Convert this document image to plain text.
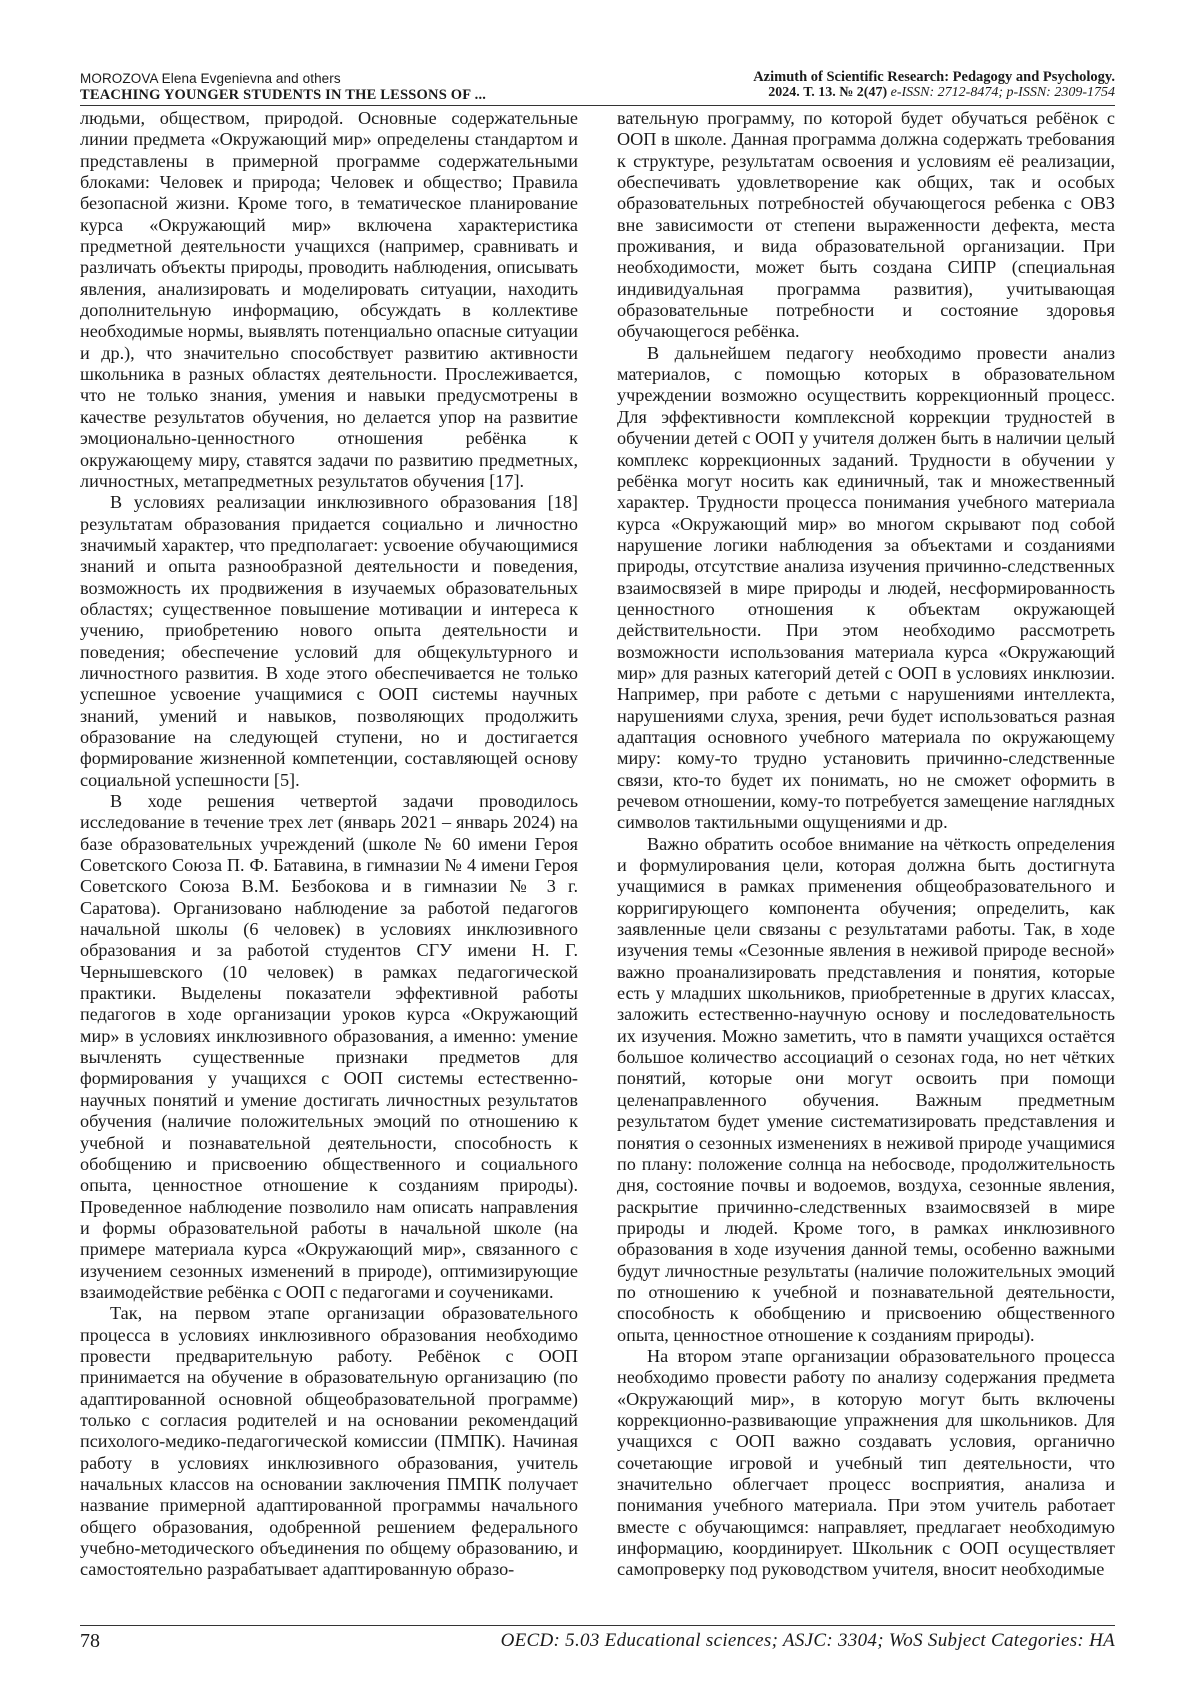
MOROZOVA Elena Evgenievna and others
TEACHING YOUNGER STUDENTS IN THE LESSONS OF ...
Azimuth of Scientific Research: Pedagogy and Psychology.
2024. Т. 13. № 2(47) e-ISSN: 2712-8474; p-ISSN: 2309-1754

людьми, обществом, природой. Основные содержательные линии предмета «Окружающий мир» определены стандартом и представлены в примерной программе содержательными блоками: Человек и природа; Человек и общество; Правила безопасной жизни. Кроме того, в тематическое планирование курса «Окружающий мир» включена характеристика предметной деятельности учащихся (например, сравнивать и различать объекты природы, проводить наблюдения, описывать явления, анализировать и моделировать ситуации, находить дополнительную информацию, обсуждать в коллективе необходимые нормы, выявлять потенциально опасные ситуации и др.), что значительно способствует развитию активности школьника в разных областях деятельности. Прослеживается, что не только знания, умения и навыки предусмотрены в качестве результатов обучения, но делается упор на развитие эмоционально-ценностного отношения ребёнка к окружающему миру, ставятся задачи по развитию предметных, личностных, метапредметных результатов обучения [17].

В условиях реализации инклюзивного образования [18] результатам образования придается социально и личностно значимый характер, что предполагает: усвоение обучающимися знаний и опыта разнообразной деятельности и поведения, возможность их продвижения в изучаемых образовательных областях; существенное повышение мотивации и интереса к учению, приобретению нового опыта деятельности и поведения; обеспечение условий для общекультурного и личностного развития. В ходе этого обеспечивается не только успешное усвоение учащимися с ООП системы научных знаний, умений и навыков, позволяющих продолжить образование на следующей ступени, но и достигается формирование жизненной компетенции, составляющей основу социальной успешности [5].

В ходе решения четвертой задачи проводилось исследование в течение трех лет (январь 2021 – январь 2024) на базе образовательных учреждений (школе № 60 имени Героя Советского Союза П. Ф. Батавина, в гимназии № 4 имени Героя Советского Союза В.М. Безбокова и в гимназии № 3 г. Саратова). Организовано наблюдение за работой педагогов начальной школы (6 человек) в условиях инклюзивного образования и за работой студентов СГУ имени Н. Г. Чернышевского (10 человек) в рамках педагогической практики. Выделены показатели эффективной работы педагогов в ходе организации уроков курса «Окружающий мир» в условиях инклюзивного образования, а именно: умение вычленять существенные признаки предметов для формирования у учащихся с ООП системы естественно-научных понятий и умение достигать личностных результатов обучения (наличие положительных эмоций по отношению к учебной и познавательной деятельности, способность к обобщению и присвоению общественного и социального опыта, ценностное отношение к созданиям природы). Проведенное наблюдение позволило нам описать направления и формы образовательной работы в начальной школе (на примере материала курса «Окружающий мир», связанного с изучением сезонных изменений в природе), оптимизирующие взаимодействие ребёнка с ООП с педагогами и соучениками.

Так, на первом этапе организации образовательного процесса в условиях инклюзивного образования необходимо провести предварительную работу. Ребёнок с ООП принимается на обучение в образовательную организацию (по адаптированной основной общеобразовательной программе) только с согласия родителей и на основании рекомендаций психолого-медико-педагогической комиссии (ПМПК). Начиная работу в условиях инклюзивного образования, учитель начальных классов на основании заключения ПМПК получает название примерной адаптированной программы начального общего образования, одобренной решением федерального учебно-методического объединения по общему образованию, и самостоятельно разрабатывает адаптированную образо-

вательную программу, по которой будет обучаться ребёнок с ООП в школе. Данная программа должна содержать требования к структуре, результатам освоения и условиям её реализации, обеспечивать удовлетворение как общих, так и особых образовательных потребностей обучающегося ребенка с ОВЗ вне зависимости от степени выраженности дефекта, места проживания, и вида образовательной организации. При необходимости, может быть создана СИПР (специальная индивидуальная программа развития), учитывающая образовательные потребности и состояние здоровья обучающегося ребёнка.

В дальнейшем педагогу необходимо провести анализ материалов, с помощью которых в образовательном учреждении возможно осуществить коррекционный процесс. Для эффективности комплексной коррекции трудностей в обучении детей с ООП у учителя должен быть в наличии целый комплекс коррекционных заданий. Трудности в обучении у ребёнка могут носить как единичный, так и множественный характер. Трудности процесса понимания учебного материала курса «Окружающий мир» во многом скрывают под собой нарушение логики наблюдения за объектами и созданиями природы, отсутствие анализа изучения причинно-следственных взаимосвязей в мире природы и людей, несформированность ценностного отношения к объектам окружающей действительности. При этом необходимо рассмотреть возможности использования материала курса «Окружающий мир» для разных категорий детей с ООП в условиях инклюзии. Например, при работе с детьми с нарушениями интеллекта, нарушениями слуха, зрения, речи будет использоваться разная адаптация основного учебного материала по окружающему миру: кому-то трудно установить причинно-следственные связи, кто-то будет их понимать, но не сможет оформить в речевом отношении, кому-то потребуется замещение наглядных символов тактильными ощущениями и др.

Важно обратить особое внимание на чёткость определения и формулирования цели, которая должна быть достигнута учащимися в рамках применения общеобразовательного и корригирующего компонента обучения; определить, как заявленные цели связаны с результатами работы. Так, в ходе изучения темы «Сезонные явления в неживой природе весной» важно проанализировать представления и понятия, которые есть у младших школьников, приобретенные в других классах, заложить естественно-научную основу и последовательность их изучения. Можно заметить, что в памяти учащихся остаётся большое количество ассоциаций о сезонах года, но нет чётких понятий, которые они могут освоить при помощи целенаправленного обучения. Важным предметным результатом будет умение систематизировать представления и понятия о сезонных изменениях в неживой природе учащимися по плану: положение солнца на небосводе, продолжительность дня, состояние почвы и водоемов, воздуха, сезонные явления, раскрытие причинно-следственных взаимосвязей в мире природы и людей. Кроме того, в рамках инклюзивного образования в ходе изучения данной темы, особенно важными будут личностные результаты (наличие положительных эмоций по отношению к учебной и познавательной деятельности, способность к обобщению и присвоению общественного опыта, ценностное отношение к созданиям природы).

На втором этапе организации образовательного процесса необходимо провести работу по анализу содержания предмета «Окружающий мир», в которую могут быть включены коррекционно-развивающие упражнения для школьников. Для учащихся с ООП важно создавать условия, органично сочетающие игровой и учебный тип деятельности, что значительно облегчает процесс восприятия, анализа и понимания учебного материала. При этом учитель работает вместе с обучающимся: направляет, предлагает необходимую информацию, координирует. Школьник с ООП осуществляет самопроверку под руководством учителя, вносит необходимые

78	OECD: 5.03 Educational sciences; ASJC: 3304; WoS Subject Categories: HA
